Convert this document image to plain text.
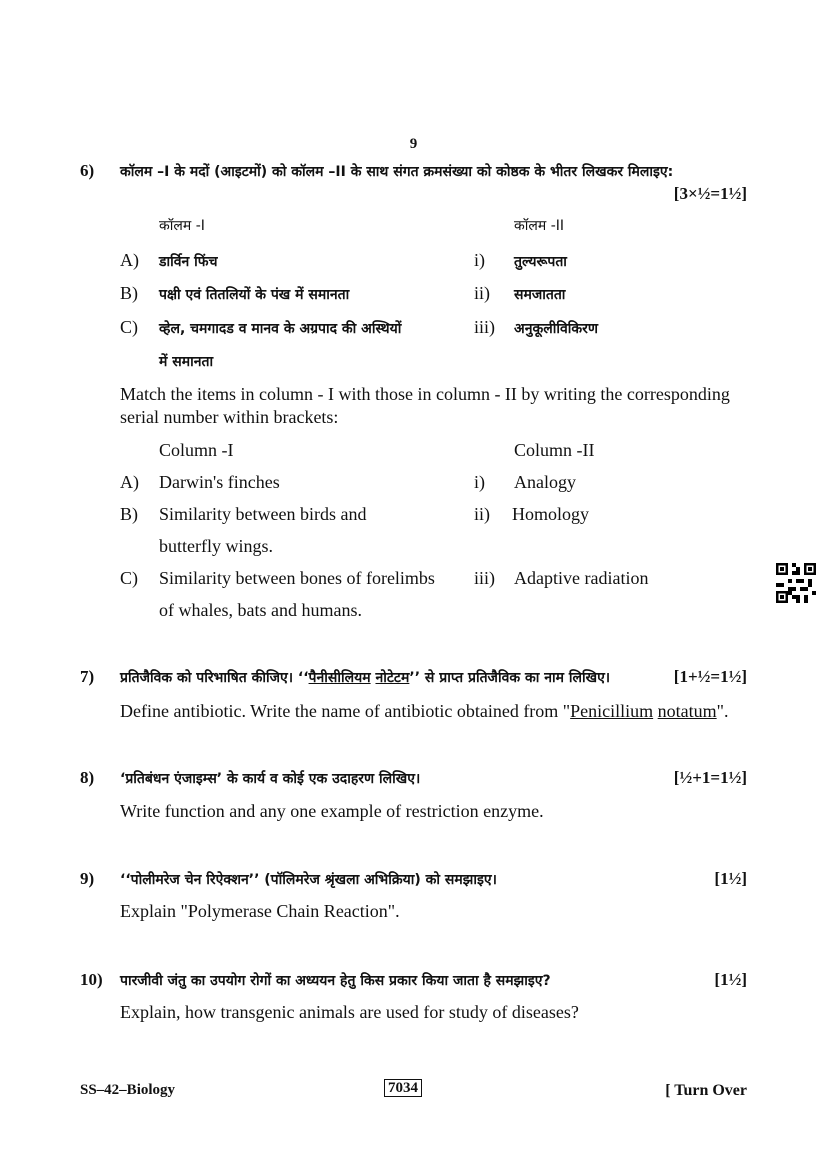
9
6) कॉलम –I के मदों (आइटमों) को कॉलम –II के साथ संगत क्रमसंख्या को कोष्ठक के भीतर लिखकर मिलाइए:
[3×½=1½]
कॉलम -I	कॉलम -II
A) डार्विन फिंच	i) तुल्यरूपता
B) पक्षी एवं तितलियों के पंख में समानता	ii) समजातता
C) व्हेल, चमगादड व मानव के अग्रपाद की अस्थियों	iii) अनुकूलीविकिरण
में समानता
Match the items in column - I with those in column - II by writing the corresponding
serial number within brackets:
Column -I	Column -II
A) Darwin's finches	i) Analogy
B) Similarity between birds and	ii) Homology
butterfly wings.
C) Similarity between bones of forelimbs iii) Adaptive radiation
of whales, bats and humans.
7) प्रतिजैविक को परिभाषित कीजिए। ‘‘पैनीसीलियम नोटेटम’’ से प्राप्त प्रतिजैविक का नाम लिखिए।	[1+½=1½]
Define antibiotic. Write the name of antibiotic obtained from "Penicillium notatum".
8) ‘प्रतिबंधन एंजाइम्स’ के कार्य व कोई एक उदाहरण लिखिए।	[½+1=1½]
Write function and any one example of restriction enzyme.
9) ‘‘पोलीमरेज चेन रिऐक्शन’’ (पॉलिमरेज श्रृंखला अभिक्रिया) को समझाइए।	[1½]
Explain "Polymerase Chain Reaction".
10) पारजीवी जंतु का उपयोग रोगों का अध्ययन हेतु किस प्रकार किया जाता है समझाइए?	[1½]
Explain, how transgenic animals are used for study of diseases?
SS–42–Biology	7034	[ Turn Over
